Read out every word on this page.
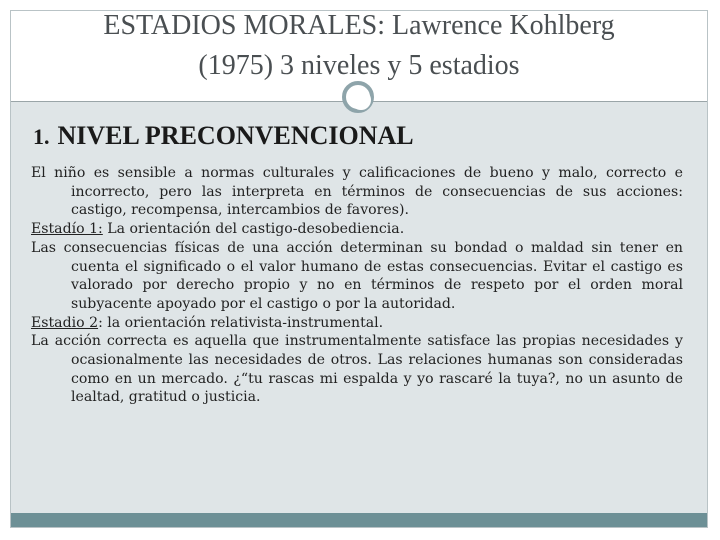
ESTADIOS MORALES: Lawrence Kohlberg
(1975) 3 niveles y 5 estadios
1. NIVEL PRECONVENCIONAL

El niño es sensible a normas culturales y calificaciones de bueno y malo, correcto e incorrecto, pero las interpreta en términos de consecuencias de sus acciones: castigo, recompensa, intercambios de favores).

Estadío 1: La orientación del castigo-desobediencia.

Las consecuencias físicas de una acción determinan su bondad o maldad sin tener en cuenta el significado o el valor humano de estas consecuencias. Evitar el castigo es valorado por derecho propio y no en términos de respeto por el orden moral subyacente apoyado por el castigo o por la autoridad.

Estadio 2: la orientación relativista-instrumental.

La acción correcta es aquella que instrumentalmente satisface las propias necesidades y ocasionalmente las necesidades de otros. Las relaciones humanas son consideradas como en un mercado. ¿“tu rascas mi espalda y yo rascaré la tuya?, no un asunto de lealtad, gratitud o justicia.
